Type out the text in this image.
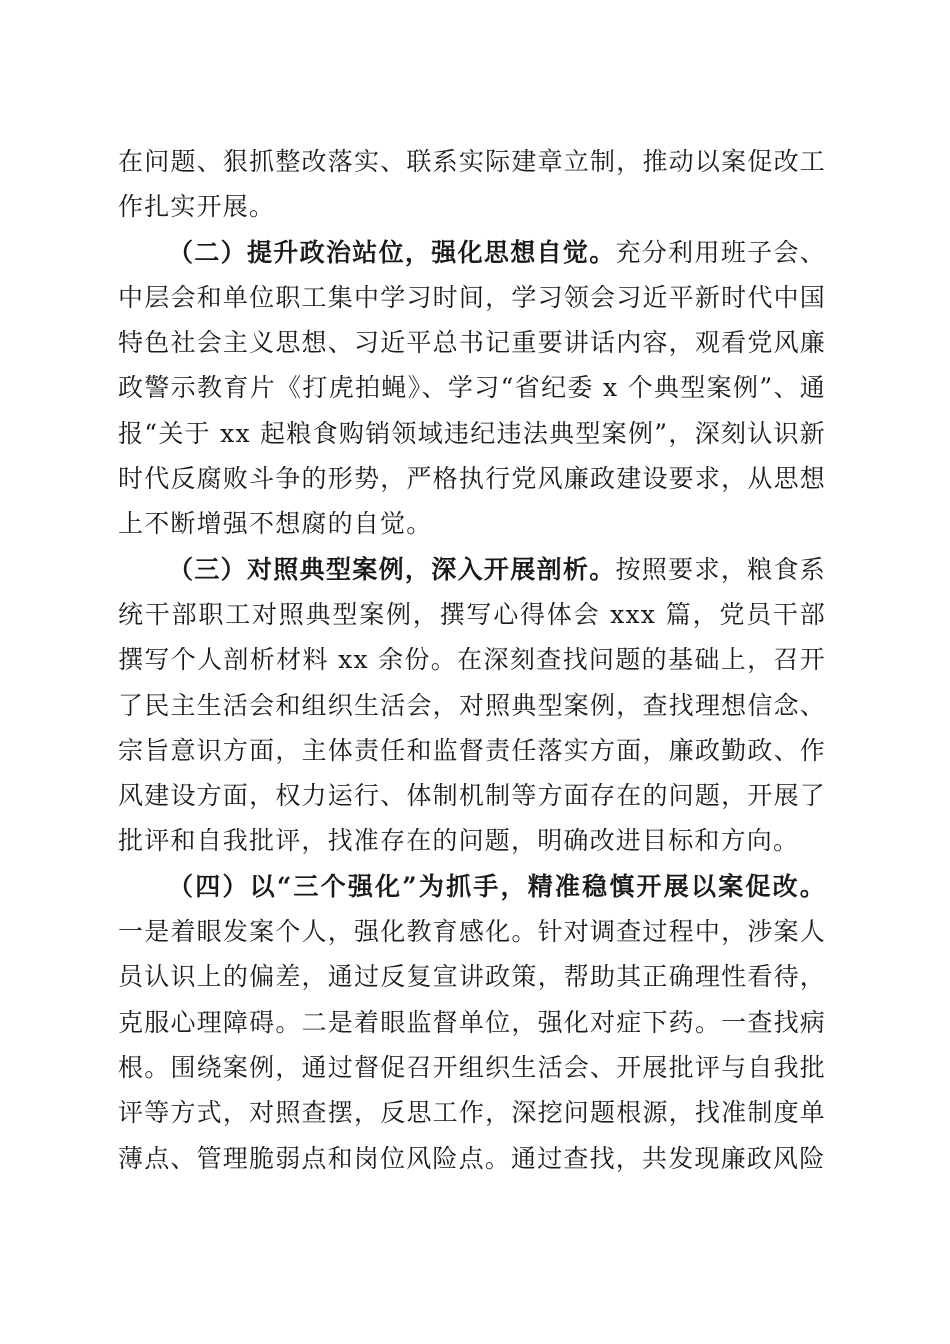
在问题、狠抓整改落实、联系实际建章立制，推动以案促改工作扎实开展。

（二）提升政治站位，强化思想自觉。充分利用班子会、中层会和单位职工集中学习时间，学习领会习近平新时代中国特色社会主义思想、习近平总书记重要讲话内容，观看党风廉政警示教育片《打虎拍蝇》、学习“省纪委 x 个典型案例”、通报“关于 xx 起粮食购销领域违纪违法典型案例”，深刻认识新时代反腐败斗争的形势，严格执行党风廉政建设要求，从思想上不断增强不想腐的自觉。

（三）对照典型案例，深入开展剖析。按照要求，粮食系统干部职工对照典型案例，撰写心得体会 xxx 篇，党员干部撰写个人剖析材料 xx 余份。在深刻查找问题的基础上，召开了民主生活会和组织生活会，对照典型案例，查找理想信念、宗旨意识方面，主体责任和监督责任落实方面，廉政勤政、作风建设方面，权力运行、体制机制等方面存在的问题，开展了批评和自我批评，找准存在的问题，明确改进目标和方向。

（四）以“三个强化”为抓手，精准稳慎开展以案促改。一是着眼发案个人，强化教育感化。针对调查过程中，涉案人员认识上的偏差，通过反复宣讲政策，帮助其正确理性看待，克服心理障碍。二是着眼监督单位，强化对症下药。一查找病根。围绕案例，通过督促召开组织生活会、开展批评与自我批评等方式，对照查摆，反思工作，深挖问题根源，找准制度单薄点、管理脆弱点和岗位风险点。通过查找，共发现廉政风险
